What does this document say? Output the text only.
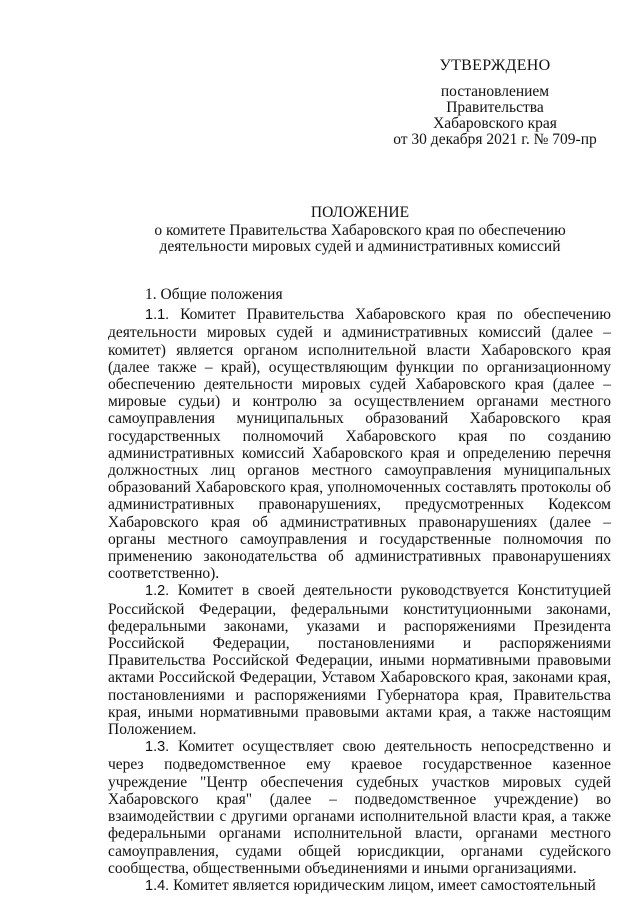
УТВЕРЖДЕНО
постановлением
Правительства
Хабаровского края
от 30 декабря 2021 г. № 709-пр
ПОЛОЖЕНИЕ
о комитете Правительства Хабаровского края по обеспечению
деятельности мировых судей и административных комиссий

1. Общие положения

1.1. Комитет Правительства Хабаровского края по обеспечению деятельности мировых судей и административных комиссий (далее – комитет) является органом исполнительной власти Хабаровского края (далее также – край), осуществляющим функции по организационному обеспечению деятельности мировых судей Хабаровского края (далее – мировые судьи) и контролю за осуществлением органами местного самоуправления муниципальных образований Хабаровского края государственных полномочий Хабаровского края по созданию административных комиссий Хабаровского края и определению перечня должностных лиц органов местного самоуправления муниципальных образований Хабаровского края, уполномоченных составлять протоколы об административных правонарушениях, предусмотренных Кодексом Хабаровского края об административных правонарушениях (далее – органы местного самоуправления и государственные полномочия по применению законодательства об административных правонарушениях соответственно).

1.2. Комитет в своей деятельности руководствуется Конституцией Российской Федерации, федеральными конституционными законами, федеральными законами, указами и распоряжениями Президента Российской Федерации, постановлениями и распоряжениями Правительства Российской Федерации, иными нормативными правовыми актами Российской Федерации, Уставом Хабаровского края, законами края, постановлениями и распоряжениями Губернатора края, Правительства края, иными нормативными правовыми актами края, а также настоящим Положением.

1.3. Комитет осуществляет свою деятельность непосредственно и через подведомственное ему краевое государственное казенное учреждение "Центр обеспечения судебных участков мировых судей Хабаровского края" (далее – подведомственное учреждение) во взаимодействии с другими органами исполнительной власти края, а также федеральными органами исполнительной власти, органами местного самоуправления, судами общей юрисдикции, органами судейского сообщества, общественными объединениями и иными организациями.

1.4. Комитет является юридическим лицом, имеет самостоятельный
